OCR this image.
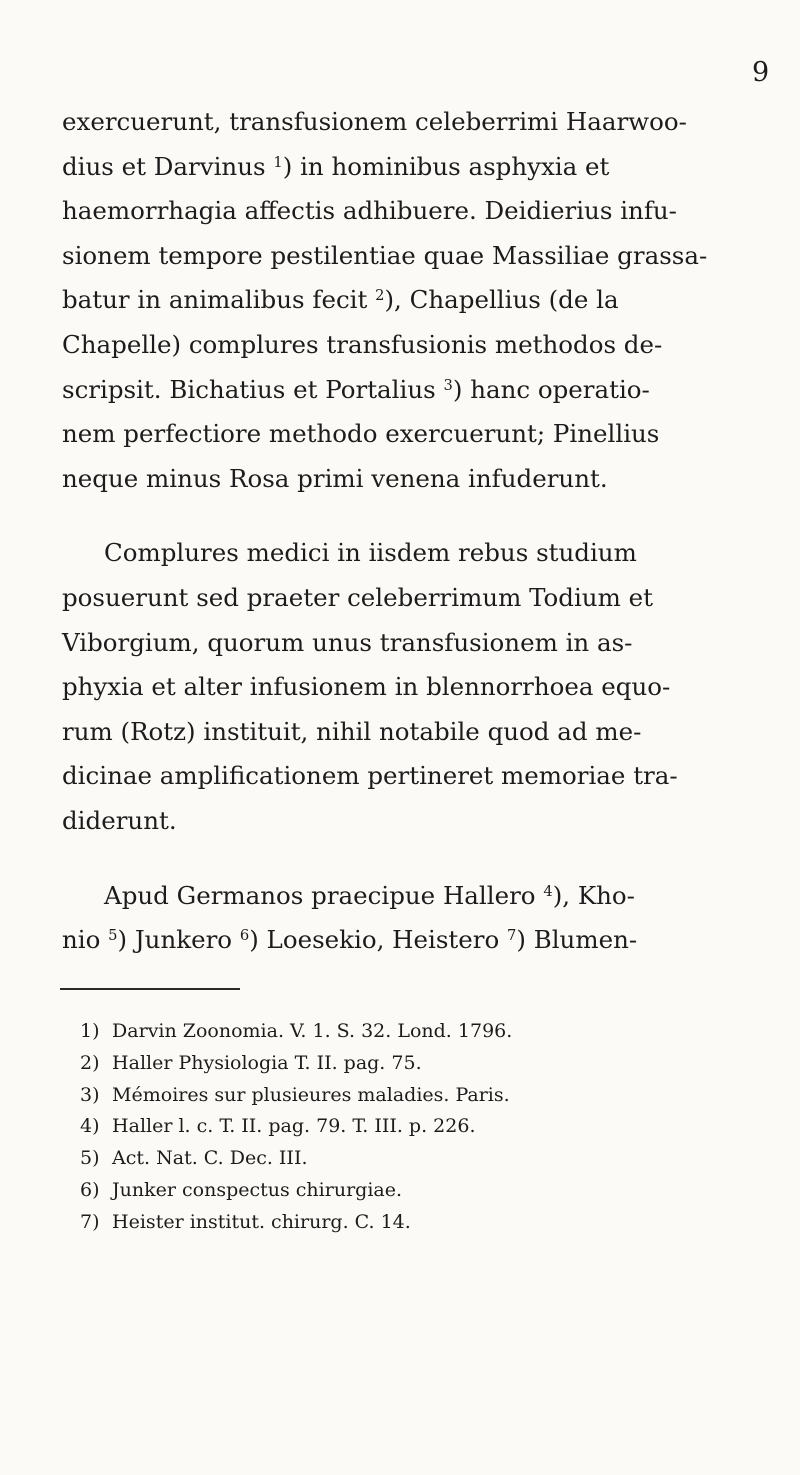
9
exercuerunt, transfusionem celeberrimi Haarwoo-
dius et Darvinus $^1$) in hominibus asphyxia et
haemorrhagia affectis adhibuere. Deidierius infu-
sionem tempore pestilentiae quae Massiliae grassa-
batur in animalibus fecit $^2$), Chapellius (de la
Chapelle) complures transfusionis methodos de-
scripsit. Bichatius et Portalius $^3$) hanc operatio-
nem perfectiore methodo exercuerunt; Pinellius
neque minus Rosa primi venena infuderunt.
Complures medici in iisdem rebus studium
posuerunt sed praeter celeberrimum Todium et
Viborgium, quorum unus transfusionem in as-
phyxia et alter infusionem in blennorrhoea equo-
rum (Rotz) instituit, nihil notabile quod ad me-
dicinae amplificationem pertineret memoriae tra-
diderunt.
Apud Germanos praecipue Hallero $^4$), Kho-
nio $^5$) Junkero $^6$) Loesekio, Heistero $^7$) Blumen-
1) Darvin Zoonomia. V. 1. S. 32. Lond. 1796.
2) Haller Physiologia T. II. pag. 75.
3) Mémoires sur plusieures maladies. Paris.
4) Haller l. c. T. II. pag. 79. T. III. p. 226.
5) Act. Nat. C. Dec. III.
6) Junker conspectus chirurgiae.
7) Heister institut. chirurg. C. 14.
